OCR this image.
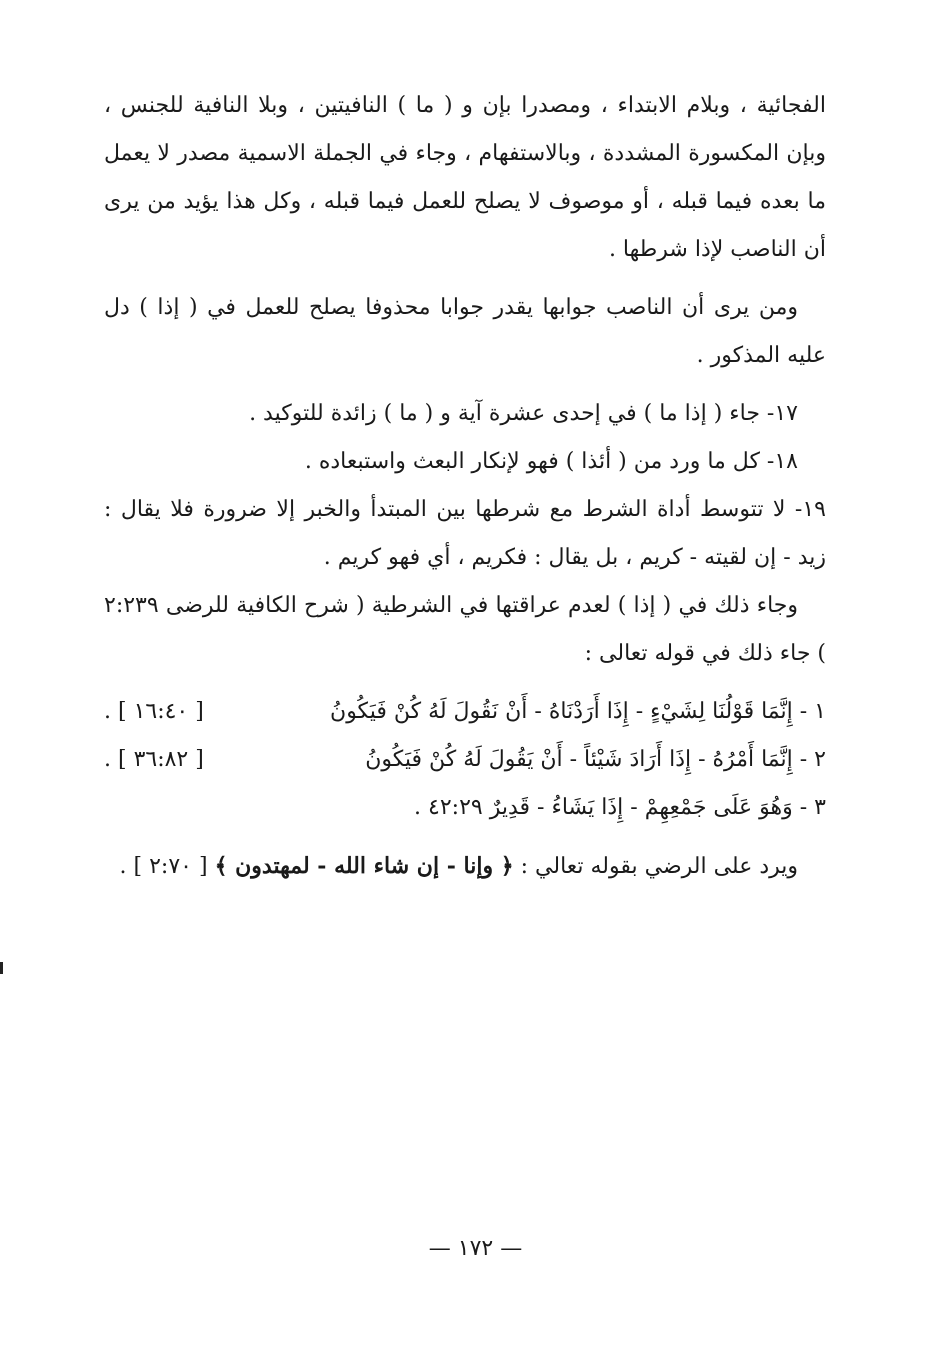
الفجائية ، وبلام الابتداء ، ومصدرا بإن و ( ما ) النافيتين ، وبلا النافية للجنس ، وبإن المكسورة المشددة ، وبالاستفهام ، وجاء في الجملة الاسمية مصدر لا يعمل ما بعده فيما قبله ، أو موصوف لا يصلح للعمل فيما قبله ، وكل هذا يؤيد من يرى أن الناصب لإذا شرطها .

ومن يرى أن الناصب جوابها يقدر جوابا محذوفا يصلح للعمل في ( إذا ) دل عليه المذكور .

١٧- جاء ( إذا ما ) في إحدى عشرة آية و ( ما ) زائدة للتوكيد .

١٨- كل ما ورد من ( أئذا ) فهو لإنكار البعث واستبعاده .

١٩- لا تتوسط أداة الشرط مع شرطها بين المبتدأ والخبر إلا ضرورة فلا يقال : زيد - إن لقيته - كريم ، بل يقال : فكريم ، أي فهو كريم .

وجاء ذلك في ( إذا ) لعدم عراقتها في الشرطية ( شرح الكافية للرضى ٢:٢٣٩ ) جاء ذلك في قوله تعالى :

١ - إِنَّمَا قَوْلُنَا لِشَيْءٍ - إِذَا أَرَدْنَاهُ - أَنْ نَقُولَ لَهُ كُنْ فَيَكُونُ
[ ١٦:٤٠ ] .
٢ - إِنَّمَا أَمْرُهُ - إِذَا أَرَادَ شَيْئاً - أَنْ يَقُولَ لَهُ كُنْ فَيَكُونُ
[ ٣٦:٨٢ ] .
٣ - وَهُوَ عَلَى جَمْعِهِمْ - إِذَا يَشَاءُ - قَدِيرٌ ٤٢:٢٩ .

ويرد على الرضي بقوله تعالي : ﴿ وإنا - إن شاء الله - لمهتدون ﴾ [ ٢:٧٠ ] .

— ١٧٢ —
